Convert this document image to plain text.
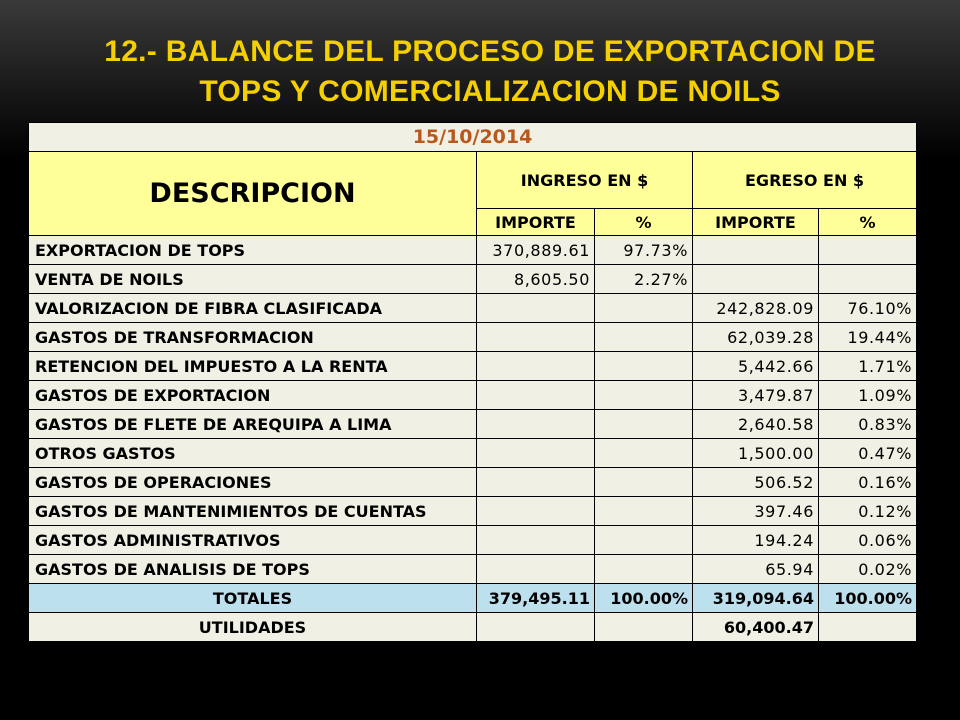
12.- BALANCE DEL PROCESO DE EXPORTACION DE
TOPS Y COMERCIALIZACION DE NOILS
15/10/2014				
DESCRIPCION	INGRESO EN $		EGRESO EN $	
	IMPORTE	%	IMPORTE	%
EXPORTACION DE TOPS	370,889.61	97.73%		
VENTA DE NOILS	8,605.50	2.27%		
VALORIZACION DE FIBRA CLASIFICADA			242,828.09	76.10%
GASTOS DE TRANSFORMACION			62,039.28	19.44%
RETENCION DEL IMPUESTO A LA RENTA			5,442.66	1.71%
GASTOS DE EXPORTACION			3,479.87	1.09%
GASTOS DE FLETE DE AREQUIPA A LIMA			2,640.58	0.83%
OTROS GASTOS			1,500.00	0.47%
GASTOS DE OPERACIONES			506.52	0.16%
GASTOS DE MANTENIMIENTOS DE CUENTAS			397.46	0.12%
GASTOS ADMINISTRATIVOS			194.24	0.06%
GASTOS DE ANALISIS DE TOPS			65.94	0.02%
TOTALES	379,495.11	100.00%	319,094.64	100.00%
UTILIDADES			60,400.47	
